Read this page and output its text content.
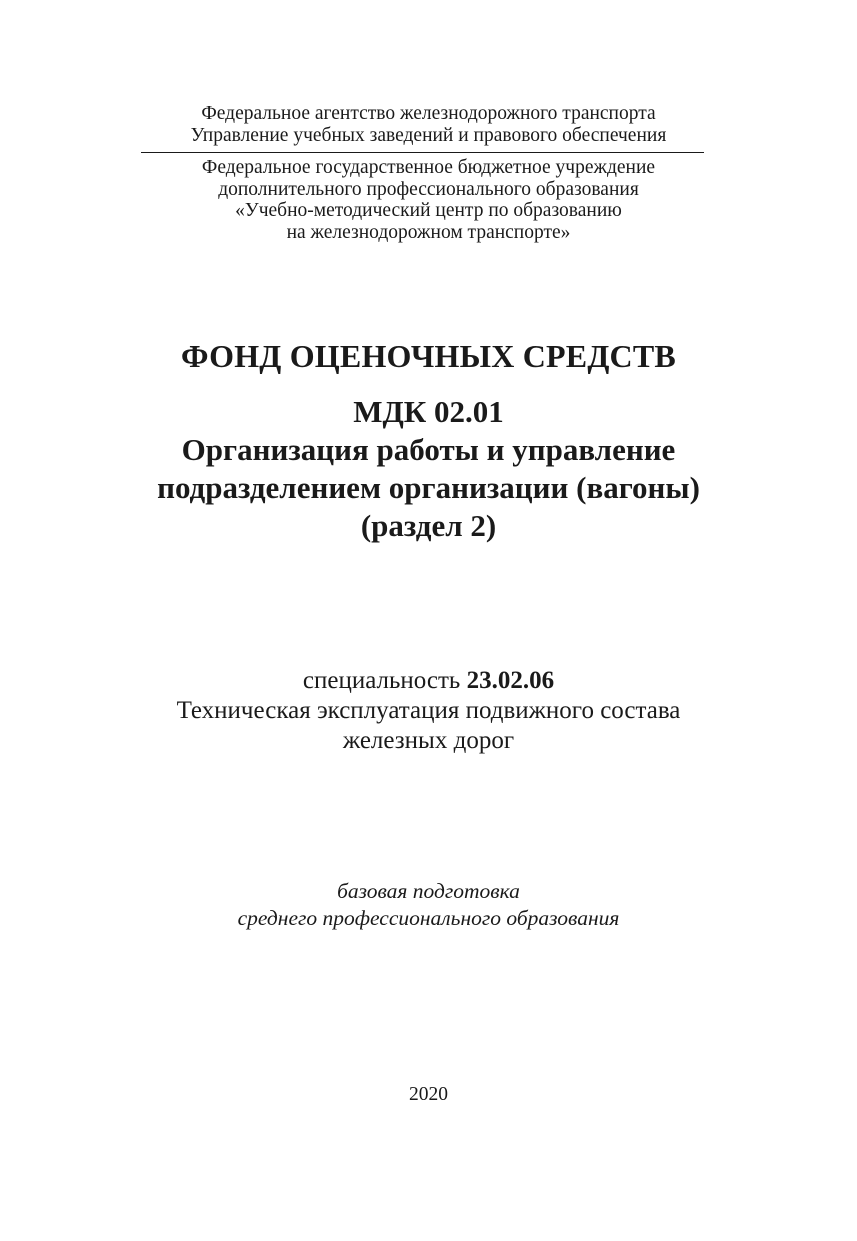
Федеральное агентство железнодорожного транспорта
Управление учебных заведений и правового обеспечения
Федеральное государственное бюджетное учреждение
дополнительного профессионального образования
«Учебно-методический центр по образованию
на железнодорожном транспорте»
ФОНД ОЦЕНОЧНЫХ СРЕДСТВ
МДК 02.01
Организация работы и управление
подразделением организации (вагоны)
(раздел 2)
специальность 23.02.06
Техническая эксплуатация подвижного состава
железных дорог
базовая подготовка
среднего профессионального образования
2020
